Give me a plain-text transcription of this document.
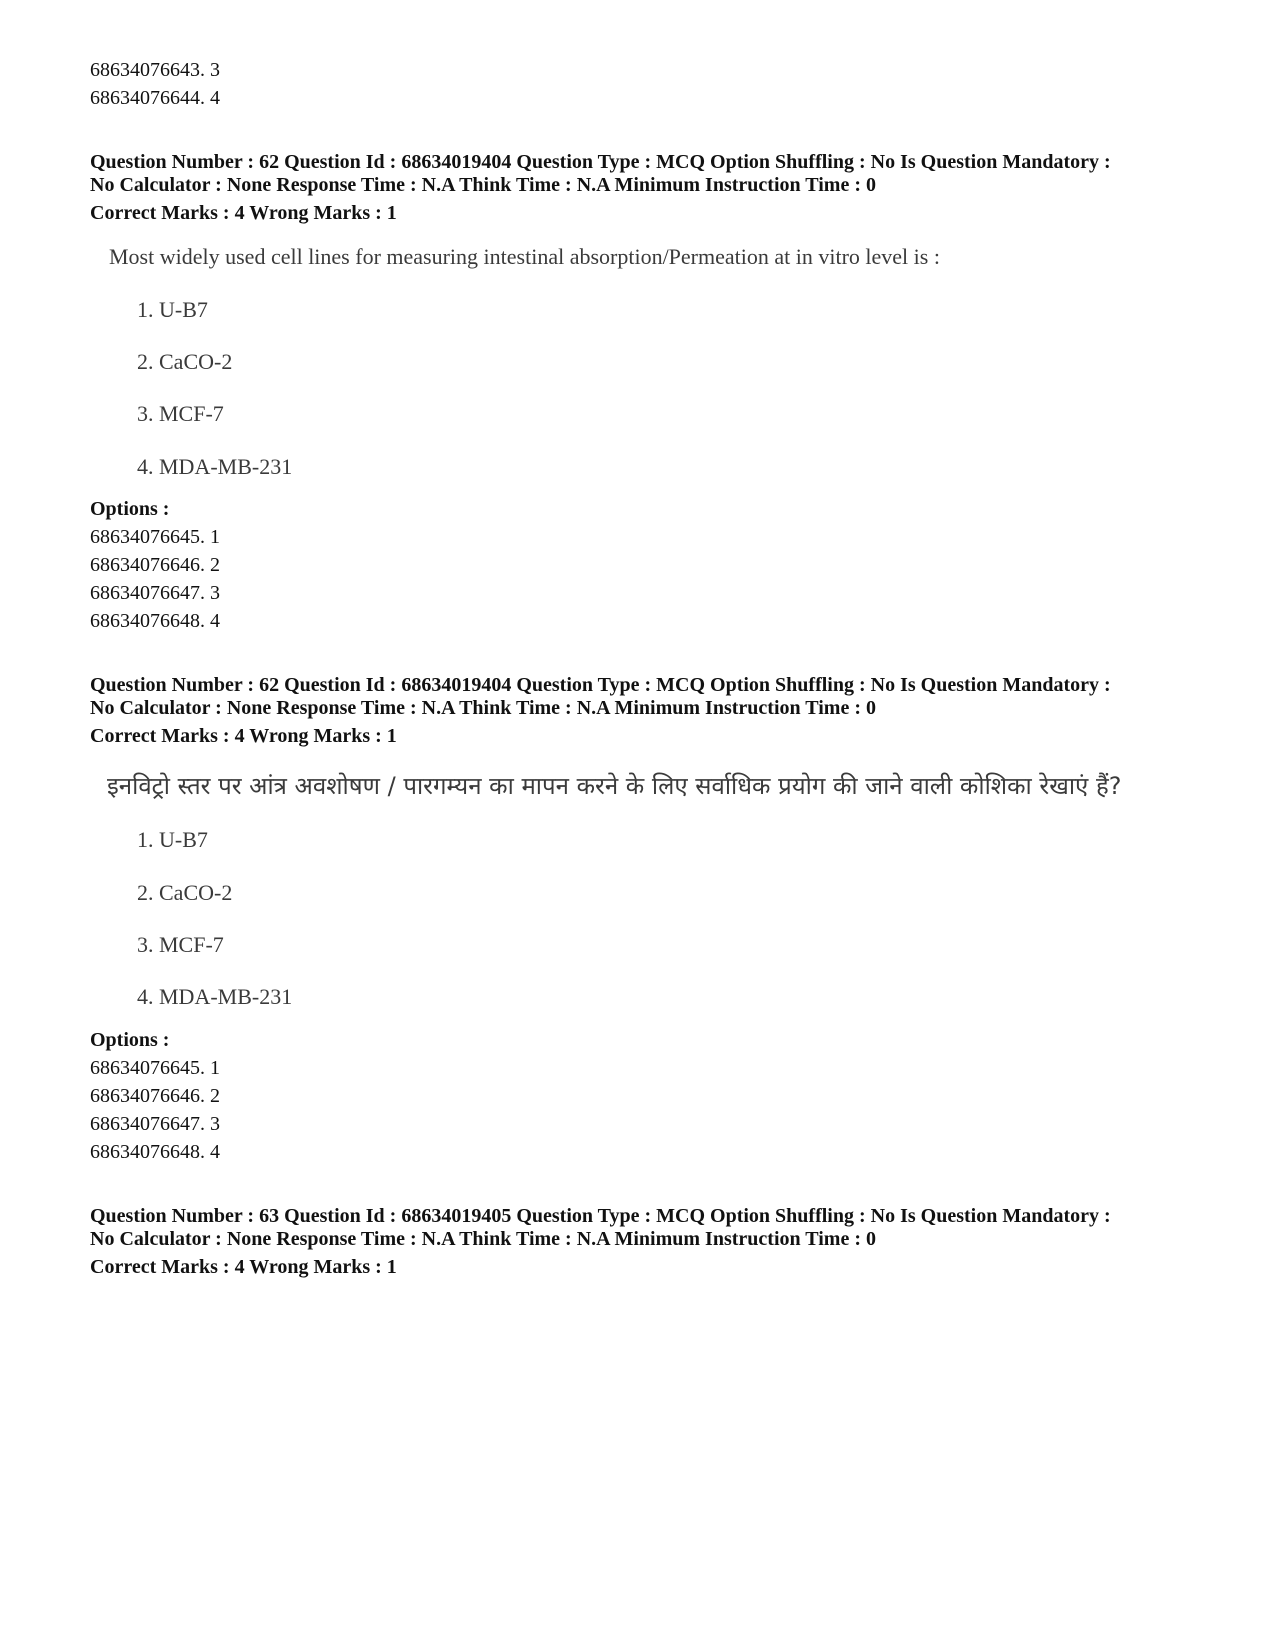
68634076643. 3
68634076644. 4
Question Number : 62 Question Id : 68634019404 Question Type : MCQ Option Shuffling : No Is Question Mandatory :
No Calculator : None Response Time : N.A Think Time : N.A Minimum Instruction Time : 0
Correct Marks : 4 Wrong Marks : 1
Most widely used cell lines for measuring intestinal absorption/Permeation at in vitro level is :
1. U-B7
2. CaCO-2
3. MCF-7
4. MDA-MB-231
Options :
68634076645. 1
68634076646. 2
68634076647. 3
68634076648. 4
Question Number : 62 Question Id : 68634019404 Question Type : MCQ Option Shuffling : No Is Question Mandatory :
No Calculator : None Response Time : N.A Think Time : N.A Minimum Instruction Time : 0
Correct Marks : 4 Wrong Marks : 1
इनविट्रो स्तर पर आंत्र अवशोषण / पारगम्यन का मापन करने के लिए सर्वाधिक प्रयोग की जाने वाली कोशिका रेखाएं हैं?
1. U-B7
2. CaCO-2
3. MCF-7
4. MDA-MB-231
Options :
68634076645. 1
68634076646. 2
68634076647. 3
68634076648. 4
Question Number : 63 Question Id : 68634019405 Question Type : MCQ Option Shuffling : No Is Question Mandatory :
No Calculator : None Response Time : N.A Think Time : N.A Minimum Instruction Time : 0
Correct Marks : 4 Wrong Marks : 1
